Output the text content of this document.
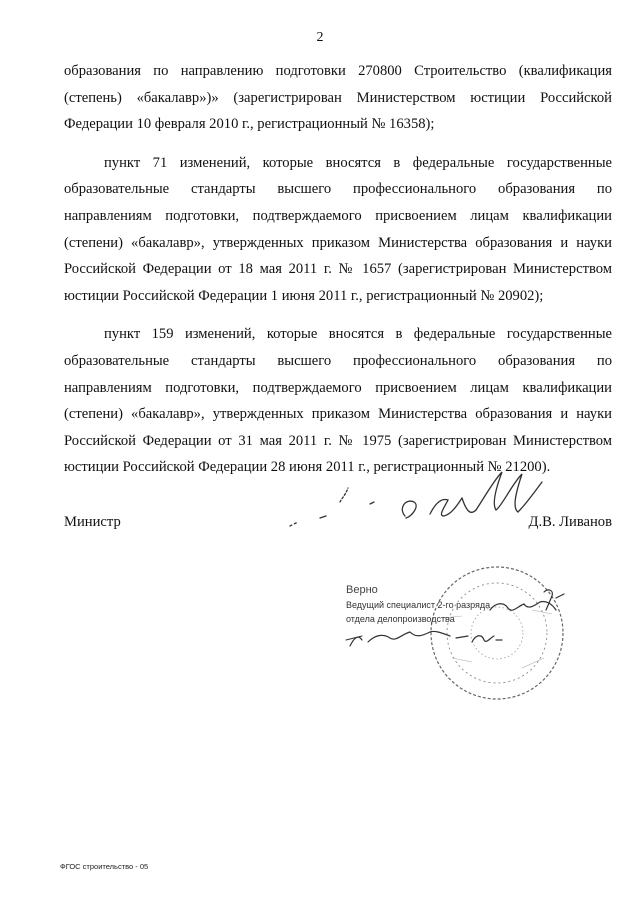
2

образования по направлению подготовки 270800 Строительство (квалификация (степень) «бакалавр»)» (зарегистрирован Министерством юстиции Российской Федерации 10 февраля 2010 г., регистрационный № 16358);

пункт 71 изменений, которые вносятся в федеральные государственные образовательные стандарты высшего профессионального образования по направлениям подготовки, подтверждаемого присвоением лицам квалификации (степени) «бакалавр», утвержденных приказом Министерства образования и науки Российской Федерации от 18 мая 2011 г. № 1657 (зарегистрирован Министерством юстиции Российской Федерации 1 июня 2011 г., регистрационный № 20902);

пункт 159 изменений, которые вносятся в федеральные государственные образовательные стандарты высшего профессионального образования по направлениям подготовки, подтверждаемого присвоением лицам квалификации (степени) «бакалавр», утвержденных приказом Министерства образования и науки Российской Федерации от 31 мая 2011 г. № 1975 (зарегистрирован Министерством юстиции Российской Федерации 28 июня 2011 г., регистрационный № 21200).

Министр	Д.В. Ливанов
Верно
Ведущий специалист 2-го разряда
отдела делопроизводства
ФГОС строительство - 05
